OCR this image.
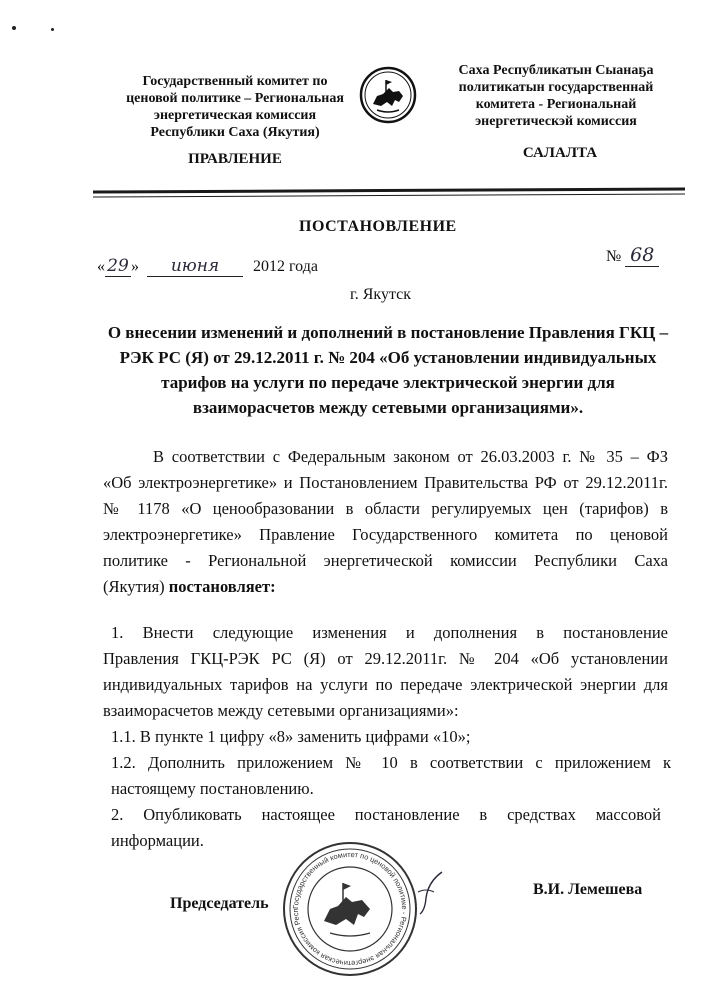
Государственный комитет по
ценовой политике – Региональная
энергетическая комиссия
Республики Саха (Якутия)
Саха Республикатын Сыанаҕа
политикатын государственнай
комитета - Региональнай
энергетическэй комиссия
ПРАВЛЕНИЕ	САЛАЛТА
ПОСТАНОВЛЕНИЕ
« 29 » июня 2012 года
№ 68
г. Якутск
О внесении изменений и дополнений в постановление Правления ГКЦ –
РЭК РС (Я) от 29.12.2011 г. № 204 «Об установлении индивидуальных
тарифов на услуги по передаче электрической энергии для
взаиморасчетов между сетевыми организациями».
В соответствии с Федеральным законом от 26.03.2003 г. № 35 – ФЗ
«Об электроэнергетике» и Постановлением Правительства РФ от 29.12.2011г.
№ 1178 «О ценообразовании в области регулируемых цен (тарифов) в
электроэнергетике» Правление Государственного комитета по ценовой
политике - Региональной энергетической комиссии Республики Саха
(Якутия) постановляет:
1. Внести следующие изменения и дополнения в постановление
Правления ГКЦ-РЭК РС (Я) от 29.12.2011г. № 204 «Об установлении
индивидуальных тарифов на услуги по передаче электрической энергии для
взаиморасчетов между сетевыми организациями»:
1.1. В пункте 1 цифру «8» заменить цифрами «10»;
1.2. Дополнить приложением № 10 в соответствии с приложением к
настоящему постановлению.
2. Опубликовать настоящее постановление в средствах массовой
информации.
Председатель
В.И. Лемешева
Государственный комитет по ценовой политике - Региональная энергетическая комиссия Респ
